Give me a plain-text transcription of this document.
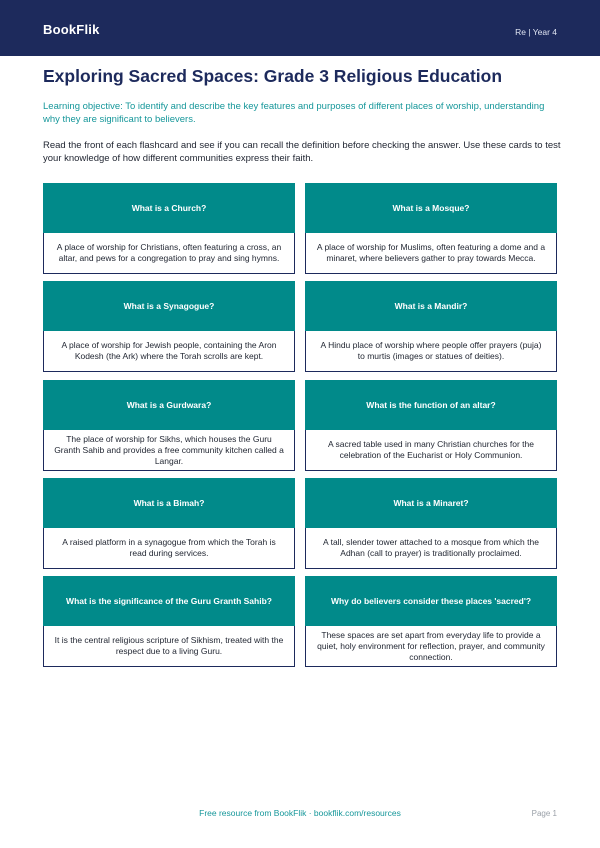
BookFlik	Re | Year 4
Exploring Sacred Spaces: Grade 3 Religious Education
Learning objective: To identify and describe the key features and purposes of different places of worship, understanding why they are significant to believers.
Read the front of each flashcard and see if you can recall the definition before checking the answer. Use these cards to test your knowledge of how different communities express their faith.
What is a Church?
A place of worship for Christians, often featuring a cross, an altar, and pews for a congregation to pray and sing hymns.
What is a Mosque?
A place of worship for Muslims, often featuring a dome and a minaret, where believers gather to pray towards Mecca.
What is a Synagogue?
A place of worship for Jewish people, containing the Aron Kodesh (the Ark) where the Torah scrolls are kept.
What is a Mandir?
A Hindu place of worship where people offer prayers (puja) to murtis (images or statues of deities).
What is a Gurdwara?
The place of worship for Sikhs, which houses the Guru Granth Sahib and provides a free community kitchen called a Langar.
What is the function of an altar?
A sacred table used in many Christian churches for the celebration of the Eucharist or Holy Communion.
What is a Bimah?
A raised platform in a synagogue from which the Torah is read during services.
What is a Minaret?
A tall, slender tower attached to a mosque from which the Adhan (call to prayer) is traditionally proclaimed.
What is the significance of the Guru Granth Sahib?
It is the central religious scripture of Sikhism, treated with the respect due to a living Guru.
Why do believers consider these places 'sacred'?
These spaces are set apart from everyday life to provide a quiet, holy environment for reflection, prayer, and community connection.
Free resource from BookFlik · bookflik.com/resources	Page 1
